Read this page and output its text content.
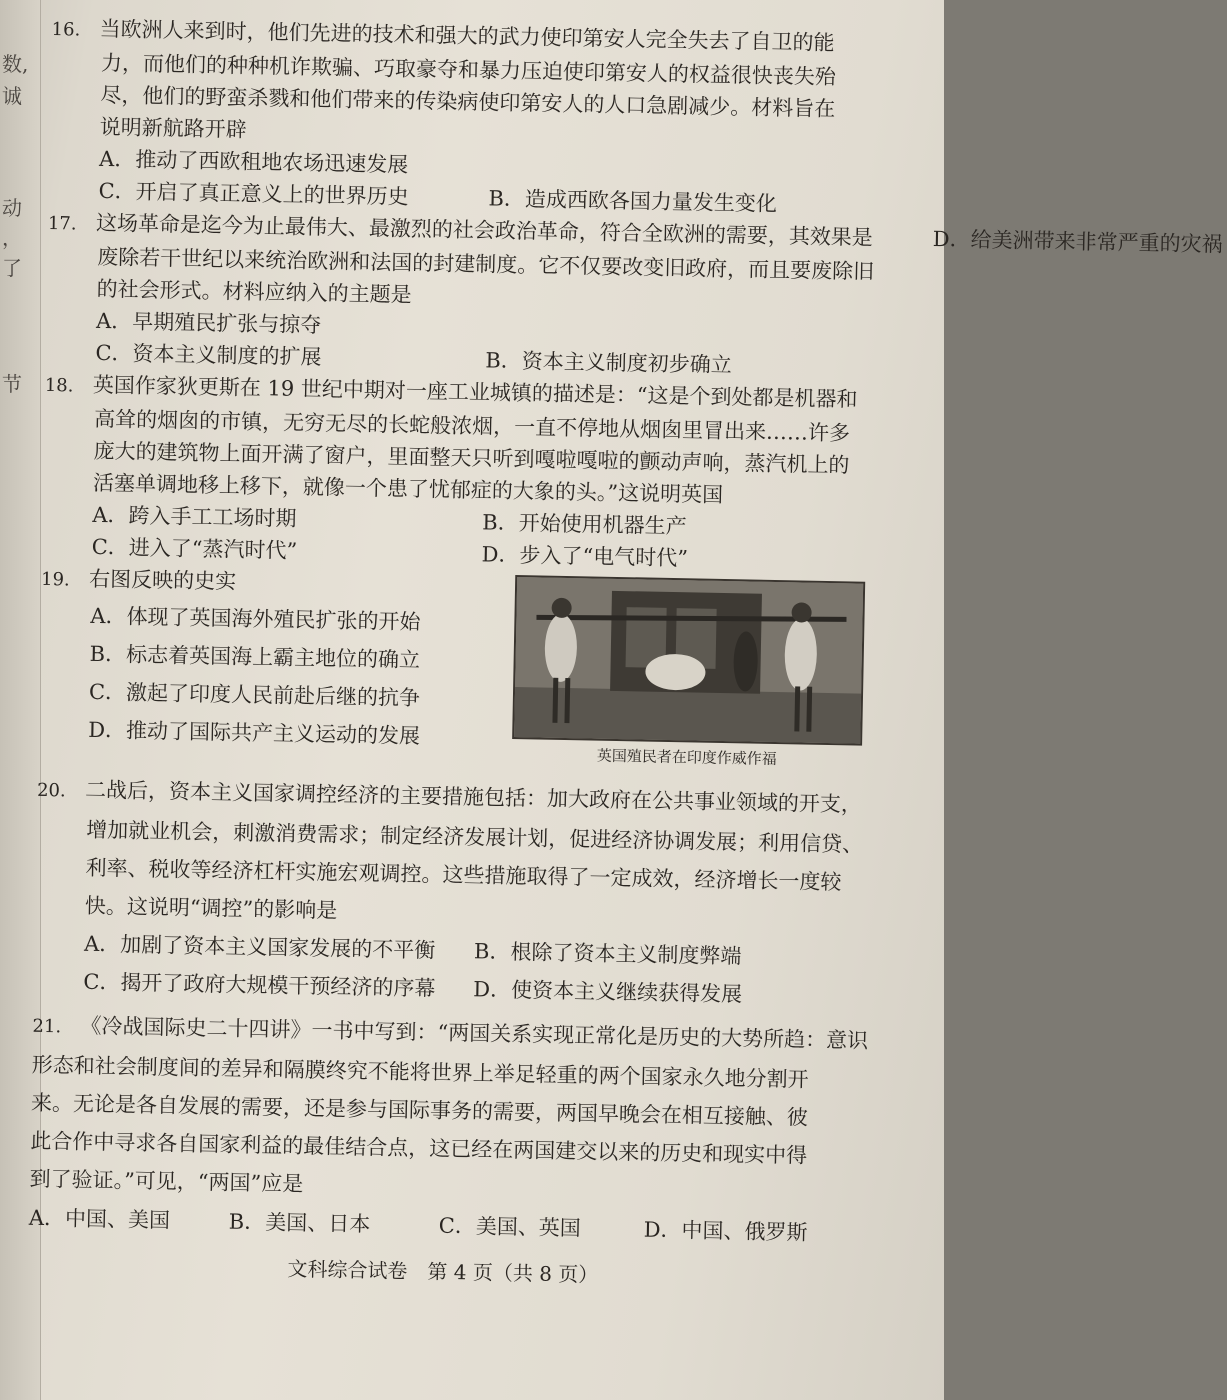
数,
诚
动
，
了
节
16. 当欧洲人来到时，他们先进的技术和强大的武力使印第安人完全失去了自卫的能
力，而他们的种种机诈欺骗、巧取豪夺和暴力压迫使印第安人的权益很快丧失殆
尽，他们的野蛮杀戮和他们带来的传染病使印第安人的人口急剧减少。材料旨在
说明新航路开辟
A．推动了西欧租地农场迅速发展
C．开启了真正意义上的世界历史	B．造成西欧各国力量发生变化
17. 这场革命是迄今为止最伟大、最激烈的社会政治革命，符合全欧洲的需要，其效果是	D．给美洲带来非常严重的灾祸
废除若干世纪以来统治欧洲和法国的封建制度。它不仅要改变旧政府，而且要废除旧
的社会形式。材料应纳入的主题是
A．早期殖民扩张与掠夺
C．资本主义制度的扩展	B．资本主义制度初步确立
18. 英国作家狄更斯在 19 世纪中期对一座工业城镇的描述是：“这是个到处都是机器和
高耸的烟囱的市镇，无穷无尽的长蛇般浓烟，一直不停地从烟囱里冒出来……许多
庞大的建筑物上面开满了窗户，里面整天只听到嘎啦嘎啦的颤动声响，蒸汽机上的
活塞单调地移上移下，就像一个患了忧郁症的大象的头。”这说明英国
A．跨入手工工场时期	B．开始使用机器生产
C．进入了“蒸汽时代”	D．步入了“电气时代”
19. 右图反映的史实
A．体现了英国海外殖民扩张的开始
B．标志着英国海上霸主地位的确立
C．激起了印度人民前赴后继的抗争
D．推动了国际共产主义运动的发展
英国殖民者在印度作威作福
20. 二战后，资本主义国家调控经济的主要措施包括：加大政府在公共事业领域的开支，
增加就业机会，刺激消费需求；制定经济发展计划，促进经济协调发展；利用信贷、
利率、税收等经济杠杆实施宏观调控。这些措施取得了一定成效，经济增长一度较
快。这说明“调控”的影响是
A．加剧了资本主义国家发展的不平衡	B．根除了资本主义制度弊端
C．揭开了政府大规模干预经济的序幕	D．使资本主义继续获得发展
21. 《冷战国际史二十四讲》一书中写到：“两国关系实现正常化是历史的大势所趋：意识
形态和社会制度间的差异和隔膜终究不能将世界上举足轻重的两个国家永久地分割开
来。无论是各自发展的需要，还是参与国际事务的需要，两国早晚会在相互接触、彼
此合作中寻求各自国家利益的最佳结合点，这已经在两国建交以来的历史和现实中得
到了验证。”可见，“两国”应是
A．中国、美国	B．美国、日本	C．美国、英国	D．中国、俄罗斯
文科综合试卷　第 4 页（共 8 页）
